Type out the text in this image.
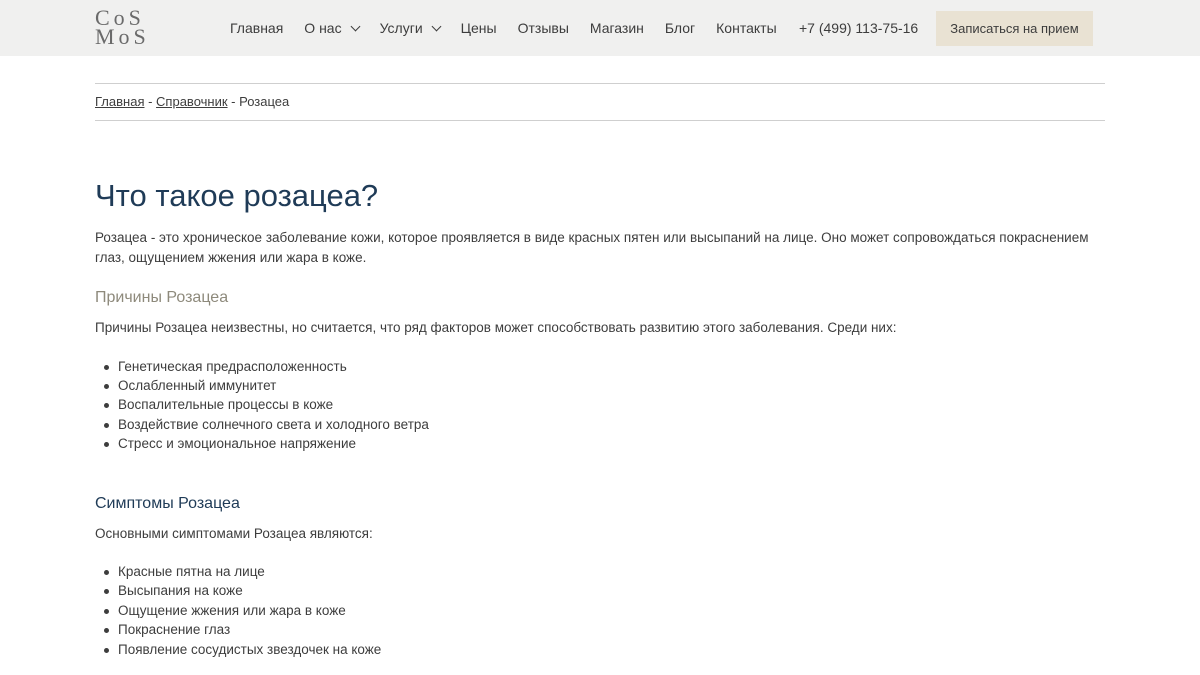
CoS
MoS	Главная О нас	Услуги	Цены Отзывы Магазин Блог Контакты +7 (499) 113-75-16	Записаться на прием
Главная - Справочник - Розацеа
Что такое розацеа?

Розацеа - это хроническое заболевание кожи, которое проявляется в виде красных пятен или высыпаний на лице. Оно может сопровождаться покраснением глаз, ощущением жжения или жара в коже.

Причины Розацеа

Причины Розацеа неизвестны, но считается, что ряд факторов может способствовать развитию этого заболевания. Среди них:

Генетическая предрасположенность
Ослабленный иммунитет
Воспалительные процессы в коже
Воздействие солнечного света и холодного ветра
Стресс и эмоциональное напряжение
Симптомы Розацеа

Основными симптомами Розацеа являются:

Красные пятна на лице
Высыпания на коже
Ощущение жжения или жара в коже
Покраснение глаз
Появление сосудистых звездочек на коже
